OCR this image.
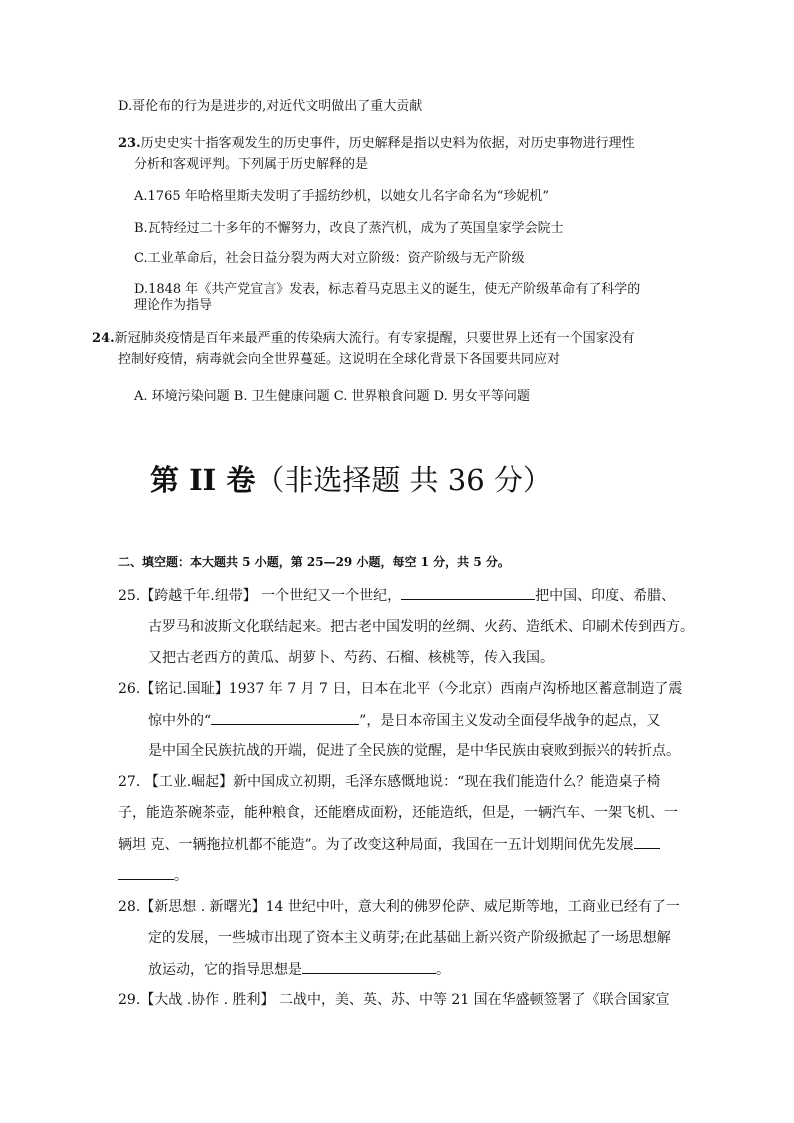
D.哥伦布的行为是进步的,对近代文明做出了重大贡献
23.历史史实十指客观发生的历史事件，历史解释是指以史料为依据，对历史事物进行理性
分析和客观评判。下列属于历史解释的是
A.1765 年哈格里斯夫发明了手摇纺纱机，以她女儿名字命名为“珍妮机”
B.瓦特经过二十多年的不懈努力，改良了蒸汽机，成为了英国皇家学会院士
C.工业革命后，社会日益分裂为两大对立阶级：资产阶级与无产阶级
D.1848 年《共产党宣言》发表，标志着马克思主义的诞生，使无产阶级革命有了科学的
理论作为指导
24.新冠肺炎疫情是百年来最严重的传染病大流行。有专家提醒，只要世界上还有一个国家没有
控制好疫情，病毒就会向全世界蔓延。这说明在全球化背景下各国要共同应对
A. 环境污染问题 B. 卫生健康问题 C. 世界粮食问题 D. 男女平等问题
第 II 卷（非选择题 共 36 分）
二、填空题：本大题共 5 小题，第 25—29 小题，每空 1 分，共 5 分。
25.【跨越千年.纽带】 一个世纪又一个世纪，	把中国、印度、希腊、
古罗马和波斯文化联结起来。把古老中国发明的丝绸、火药、造纸术、印刷术传到西方。
又把古老西方的黄瓜、胡萝卜、芍药、石榴、核桃等，传入我国。
26.【铭记.国耻】1937 年 7 月 7 日，日本在北平（今北京）西南卢沟桥地区蓄意制造了震
惊中外的“	”，是日本帝国主义发动全面侵华战争的起点，又
是中国全民族抗战的开端，促进了全民族的觉醒，是中华民族由衰败到振兴的转折点。
27. 【工业.崛起】新中国成立初期，毛泽东感慨地说：“现在我们能造什么？能造桌子椅
子，能造茶碗茶壶，能种粮食，还能磨成面粉，还能造纸，但是，一辆汽车、一架飞机、一
辆坦 克、一辆拖拉机都不能造”。为了改变这种局面，我国在一五计划期间优先发展
。
28.【新思想 . 新曙光】14 世纪中叶，意大利的佛罗伦萨、威尼斯等地，工商业已经有了一
定的发展，一些城市出现了资本主义萌芽;在此基础上新兴资产阶级掀起了一场思想解
放运动，它的指导思想是	。
29.【大战 .协作 . 胜利】 二战中，美、英、苏、中等 21 国在华盛顿签署了《联合国家宣
